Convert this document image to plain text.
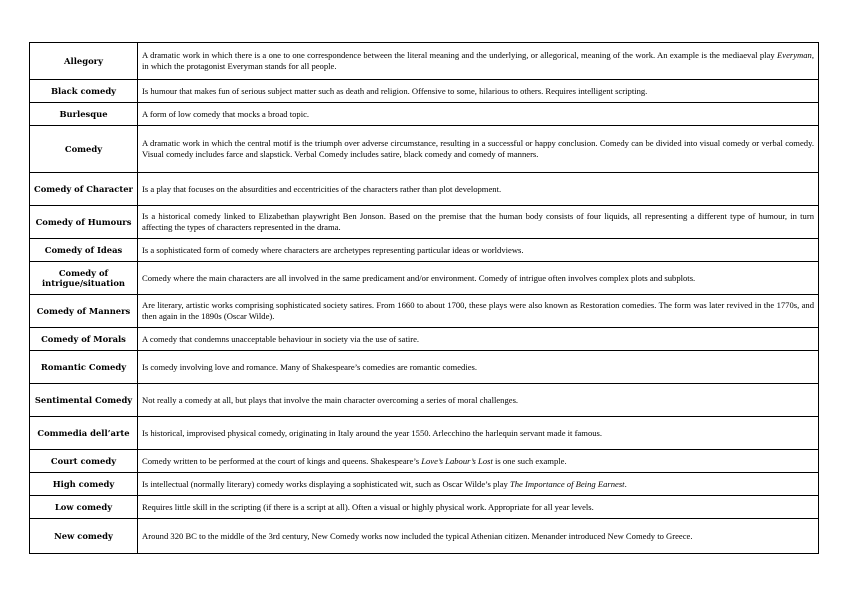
Allegory	A dramatic work in which there is a one to one correspondence between the literal meaning and the underlying, or allegorical, meaning of the work. An example is the mediaeval play Everyman, in which the protagonist Everyman stands for all people.
Black comedy	Is humour that makes fun of serious subject matter such as death and religion. Offensive to some, hilarious to others. Requires intelligent scripting.
Burlesque	A form of low comedy that mocks a broad topic.
Comedy	A dramatic work in which the central motif is the triumph over adverse circumstance, resulting in a successful or happy conclusion. Comedy can be divided into visual comedy or verbal comedy. Visual comedy includes farce and slapstick. Verbal Comedy includes satire, black comedy and comedy of manners.
Comedy of Character	Is a play that focuses on the absurdities and eccentricities of the characters rather than plot development.
Comedy of Humours	Is a historical comedy linked to Elizabethan playwright Ben Jonson. Based on the premise that the human body consists of four liquids, all representing a different type of humour, in turn affecting the types of characters represented in the drama.
Comedy of Ideas	Is a sophisticated form of comedy where characters are archetypes representing particular ideas or worldviews.
Comedy of intrigue/situation	Comedy where the main characters are all involved in the same predicament and/or environment. Comedy of intrigue often involves complex plots and subplots.
Comedy of Manners	Are literary, artistic works comprising sophisticated society satires. From 1660 to about 1700, these plays were also known as Restoration comedies. The form was later revived in the 1770s, and then again in the 1890s (Oscar Wilde).
Comedy of Morals	A comedy that condemns unacceptable behaviour in society via the use of satire.
Romantic Comedy	Is comedy involving love and romance. Many of Shakespeare’s comedies are romantic comedies.
Sentimental Comedy	Not really a comedy at all, but plays that involve the main character overcoming a series of moral challenges.
Commedia dell’arte	Is historical, improvised physical comedy, originating in Italy around the year 1550. Arlecchino the harlequin servant made it famous.
Court comedy	Comedy written to be performed at the court of kings and queens. Shakespeare’s Love’s Labour’s Lost is one such example.
High comedy	Is intellectual (normally literary) comedy works displaying a sophisticated wit, such as Oscar Wilde’s play The Importance of Being Earnest.
Low comedy	Requires little skill in the scripting (if there is a script at all). Often a visual or highly physical work. Appropriate for all year levels.
New comedy	Around 320 BC to the middle of the 3rd century, New Comedy works now included the typical Athenian citizen. Menander introduced New Comedy to Greece.
